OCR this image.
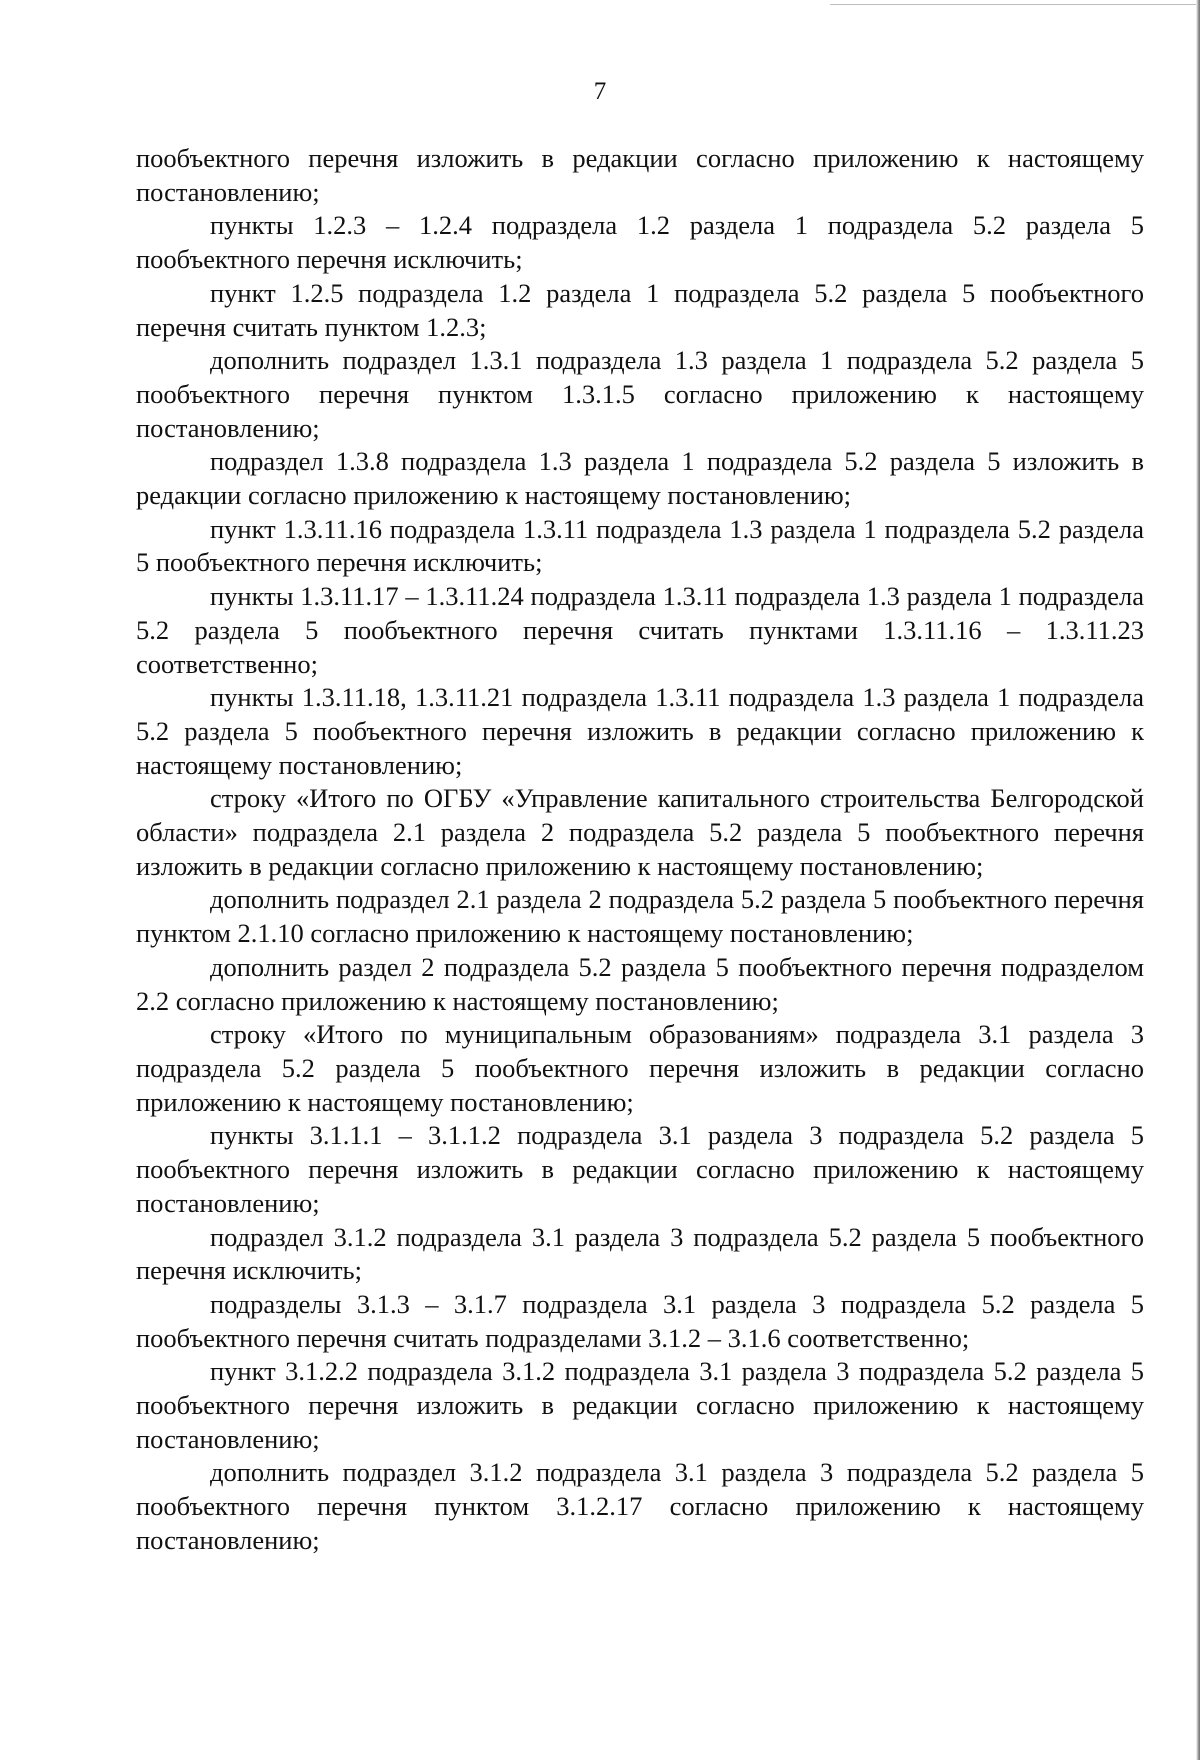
7

пообъектного перечня изложить в редакции согласно приложению к настоящему постановлению;

пункты 1.2.3 – 1.2.4 подраздела 1.2 раздела 1 подраздела 5.2 раздела 5 пообъектного перечня исключить;

пункт 1.2.5 подраздела 1.2 раздела 1 подраздела 5.2 раздела 5 пообъектного перечня считать пунктом 1.2.3;

дополнить подраздел 1.3.1 подраздела 1.3 раздела 1 подраздела 5.2 раздела 5 пообъектного перечня пунктом 1.3.1.5 согласно приложению к настоящему постановлению;

подраздел 1.3.8 подраздела 1.3 раздела 1 подраздела 5.2 раздела 5 изложить в редакции согласно приложению к настоящему постановлению;

пункт 1.3.11.16 подраздела 1.3.11 подраздела 1.3 раздела 1 подраздела 5.2 раздела 5 пообъектного перечня исключить;

пункты 1.3.11.17 – 1.3.11.24 подраздела 1.3.11 подраздела 1.3 раздела 1 подраздела 5.2 раздела 5 пообъектного перечня считать пунктами 1.3.11.16 – 1.3.11.23 соответственно;

пункты 1.3.11.18, 1.3.11.21 подраздела 1.3.11 подраздела 1.3 раздела 1 подраздела 5.2 раздела 5 пообъектного перечня изложить в редакции согласно приложению к настоящему постановлению;

строку «Итого по ОГБУ «Управление капитального строительства Белгородской области» подраздела 2.1 раздела 2 подраздела 5.2 раздела 5 пообъектного перечня изложить в редакции согласно приложению к настоящему постановлению;

дополнить подраздел 2.1 раздела 2 подраздела 5.2 раздела 5 пообъектного перечня пунктом 2.1.10 согласно приложению к настоящему постановлению;

дополнить раздел 2 подраздела 5.2 раздела 5 пообъектного перечня подразделом 2.2 согласно приложению к настоящему постановлению;

строку «Итого по муниципальным образованиям» подраздела 3.1 раздела 3 подраздела 5.2 раздела 5 пообъектного перечня изложить в редакции согласно приложению к настоящему постановлению;

пункты 3.1.1.1 – 3.1.1.2 подраздела 3.1 раздела 3 подраздела 5.2 раздела 5 пообъектного перечня изложить в редакции согласно приложению к настоящему постановлению;

подраздел 3.1.2 подраздела 3.1 раздела 3 подраздела 5.2 раздела 5 пообъектного перечня исключить;

подразделы 3.1.3 – 3.1.7 подраздела 3.1 раздела 3 подраздела 5.2 раздела 5 пообъектного перечня считать подразделами 3.1.2 – 3.1.6 соответственно;

пункт 3.1.2.2 подраздела 3.1.2 подраздела 3.1 раздела 3 подраздела 5.2 раздела 5 пообъектного перечня изложить в редакции согласно приложению к настоящему постановлению;

дополнить подраздел 3.1.2 подраздела 3.1 раздела 3 подраздела 5.2 раздела 5 пообъектного перечня пунктом 3.1.2.17 согласно приложению к настоящему постановлению;
